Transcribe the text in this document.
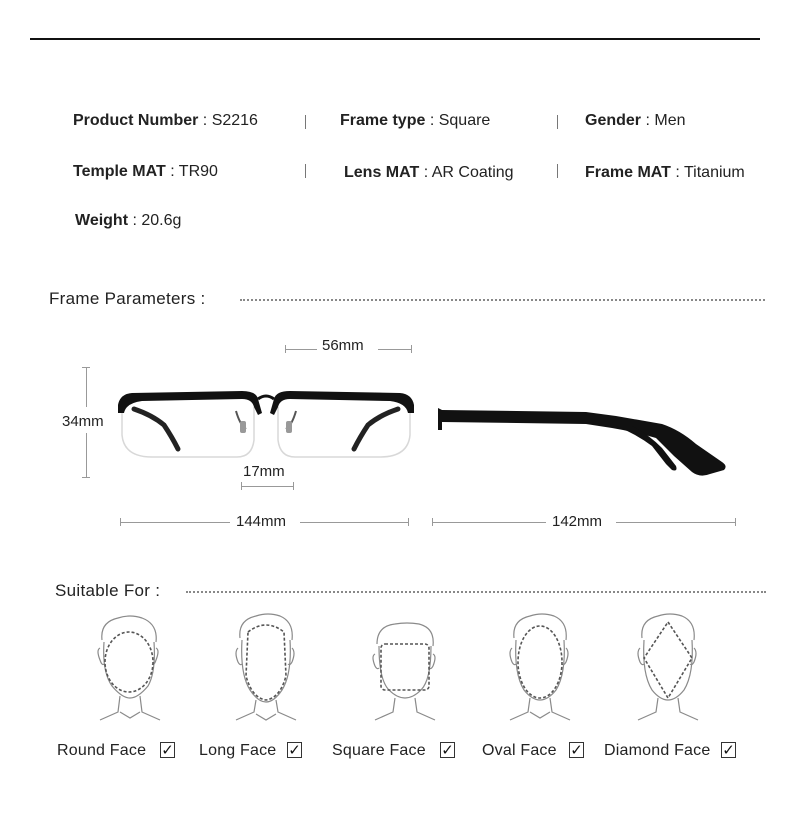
Product Number : S2216	Frame type : Square	Gender : Men
Temple MAT : TR90	Lens MAT : AR Coating	Frame MAT : Titanium
Weight : 20.6g
Frame Parameters :
56mm
34mm
17mm
144mm	142mm
Suitable For :
Round Face ✓ Long Face ✓ Square Face ✓ Oval Face ✓ Diamond Face ✓
